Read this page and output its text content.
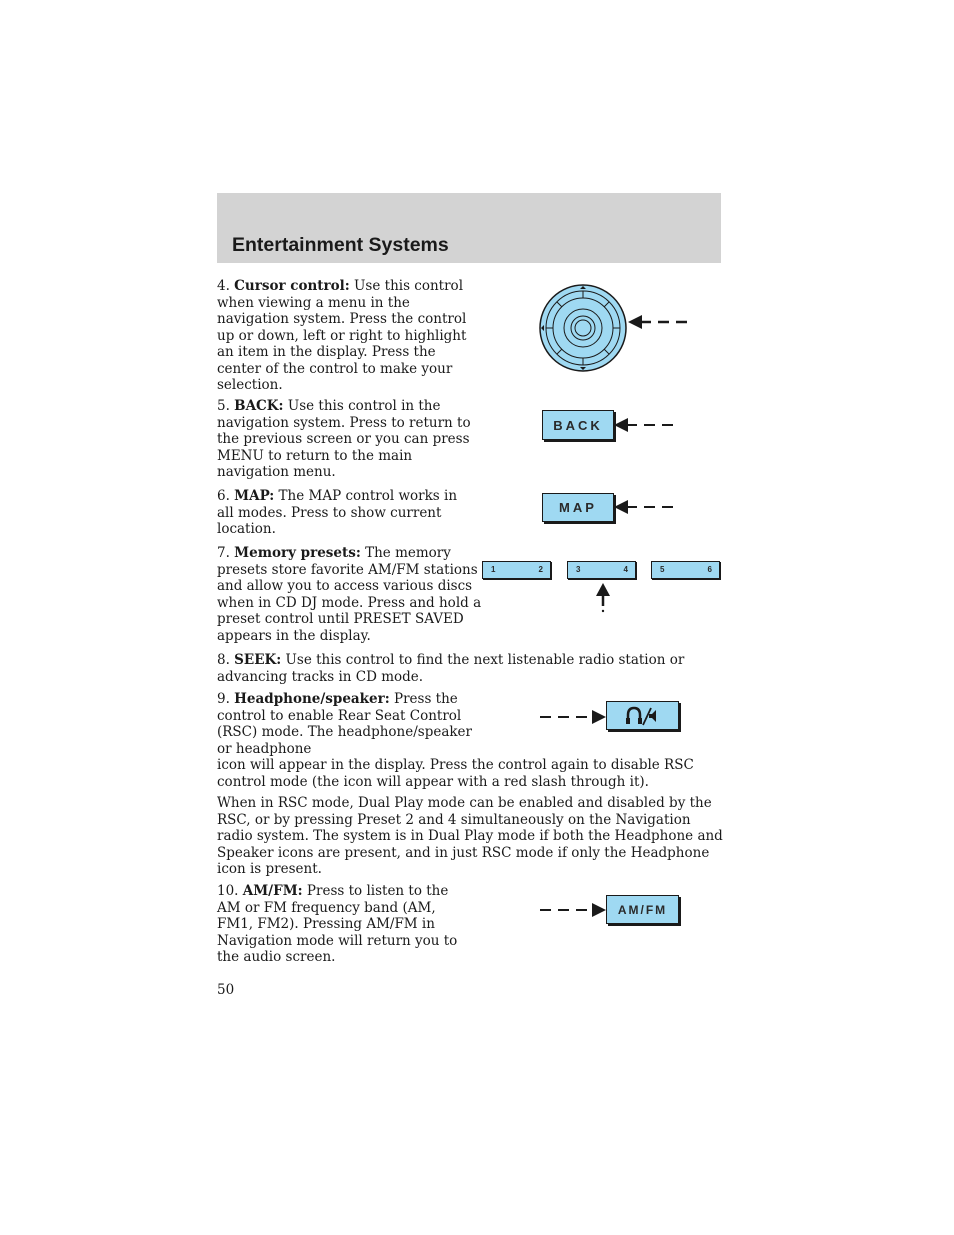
Entertainment Systems

4. Cursor control: Use this control when viewing a menu in the navigation system. Press the control up or down, left or right to highlight an item in the display. Press the center of the control to make your selection.

5. BACK: Use this control in the navigation system. Press to return to the previous screen or you can press MENU to return to the main navigation menu.

BACK

6. MAP: The MAP control works in all modes. Press to show current location.

MAP

7. Memory presets: The memory presets store favorite AM/FM stations and allow you to access various discs when in CD DJ mode. Press and hold a preset control until PRESET SAVED appears in the display.

1	2	3	4	5	6

8. SEEK: Use this control to find the next listenable radio station or advancing tracks in CD mode.

9. Headphone/speaker: Press the control to enable Rear Seat Control (RSC) mode. The headphone/speaker or headphone

icon will appear in the display. Press the control again to disable RSC control mode (the icon will appear with a red slash through it).

When in RSC mode, Dual Play mode can be enabled and disabled by the RSC, or by pressing Preset 2 and 4 simultaneously on the Navigation radio system. The system is in Dual Play mode if both the Headphone and Speaker icons are present, and in just RSC mode if only the Headphone icon is present.

10. AM/FM: Press to listen to the AM or FM frequency band (AM, FM1, FM2). Pressing AM/FM in Navigation mode will return you to the audio screen.

AM/FM

50
